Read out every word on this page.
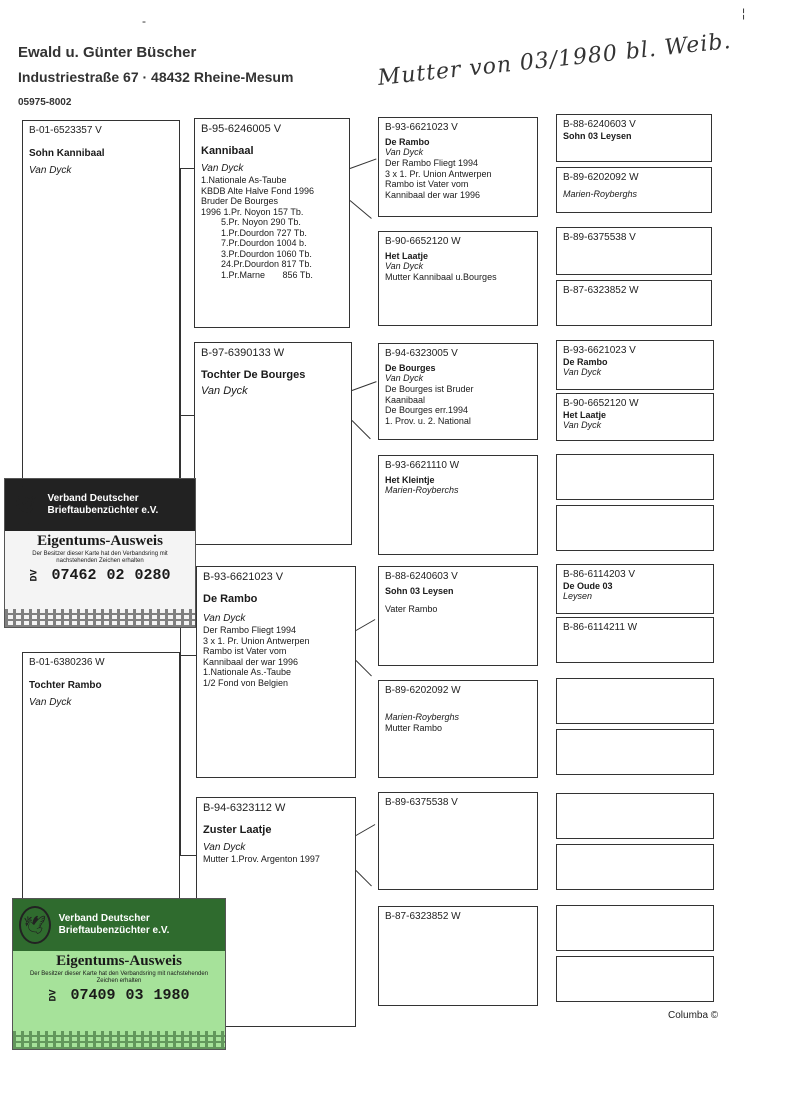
Ewald u. Günter Büscher
Industriestraße 67 · 48432 Rheine-Mesum
05975-8002
Mutter von 03/1980 bl. Weib.
¦
-
B-01-6523357 V
Sohn Kannibaal
Van Dyck
B-01-6380236 W
Tochter Rambo
Van Dyck
B-95-6246005 V
Kannibaal
Van Dyck
1.Nationale As-Taube
KBDB Alte Halve Fond 1996
Bruder De Bourges
1996 1.Pr. Noyon 157 Tb.
5.Pr. Noyon 290 Tb.
1.Pr.Dourdon 727 Tb.
7.Pr.Dourdon 1004 b.
3.Pr.Dourdon 1060 Tb.
24.Pr.Dourdon 817 Tb.
1.Pr.Marne       856 Tb.
B-97-6390133 W
Tochter De Bourges
Van Dyck
B-93-6621023 V
De Rambo
Van Dyck
Der Rambo Fliegt 1994
3 x 1. Pr. Union Antwerpen
Rambo ist Vater vom
Kannibaal der war 1996
1.Nationale As.-Taube
1/2 Fond von Belgien
B-94-6323112 W
Zuster Laatje
Van Dyck
Mutter 1.Prov. Argenton 1997
B-93-6621023 V
De Rambo
Van Dyck
Der Rambo Fliegt 1994
3 x 1. Pr. Union Antwerpen
Rambo ist Vater vom
Kannibaal der war 1996
B-90-6652120 W
Het Laatje
Van Dyck
Mutter Kannibaal u.Bourges
B-94-6323005 V
De Bourges
Van Dyck
De Bourges ist Bruder
Kaanibaal
De Bourges err.1994
1. Prov. u. 2. National
B-93-6621110 W
Het Kleintje
Marien-Royberchs
B-88-6240603 V
Sohn 03 Leysen
Vater Rambo
B-89-6202092 W
Marien-Royberghs
Mutter Rambo
B-89-6375538 V
B-87-6323852 W
B-88-6240603 V
Sohn 03 Leysen
B-89-6202092 W
Marien-Royberghs
B-89-6375538 V
B-87-6323852 W
B-93-6621023 V
De Rambo
Van Dyck
B-90-6652120 W
Het Laatje
Van Dyck
B-86-6114203 V
De Oude 03
Leysen
B-86-6114211 W
🕊 Verband Deutscher Brieftaubenzüchter e.V.
Eigentums-Ausweis
Der Besitzer dieser Karte hat den Verbandsring mit nachstehenden Zeichen erhalten
DV 07462 02 0280
🕊	Verband Deutscher Brieftaubenzüchter e.V.
Eigentums-Ausweis
Der Besitzer dieser Karte hat den Verbandsring mit nachstehenden Zeichen erhalten
DV 07409 03 1980
Columba ©
